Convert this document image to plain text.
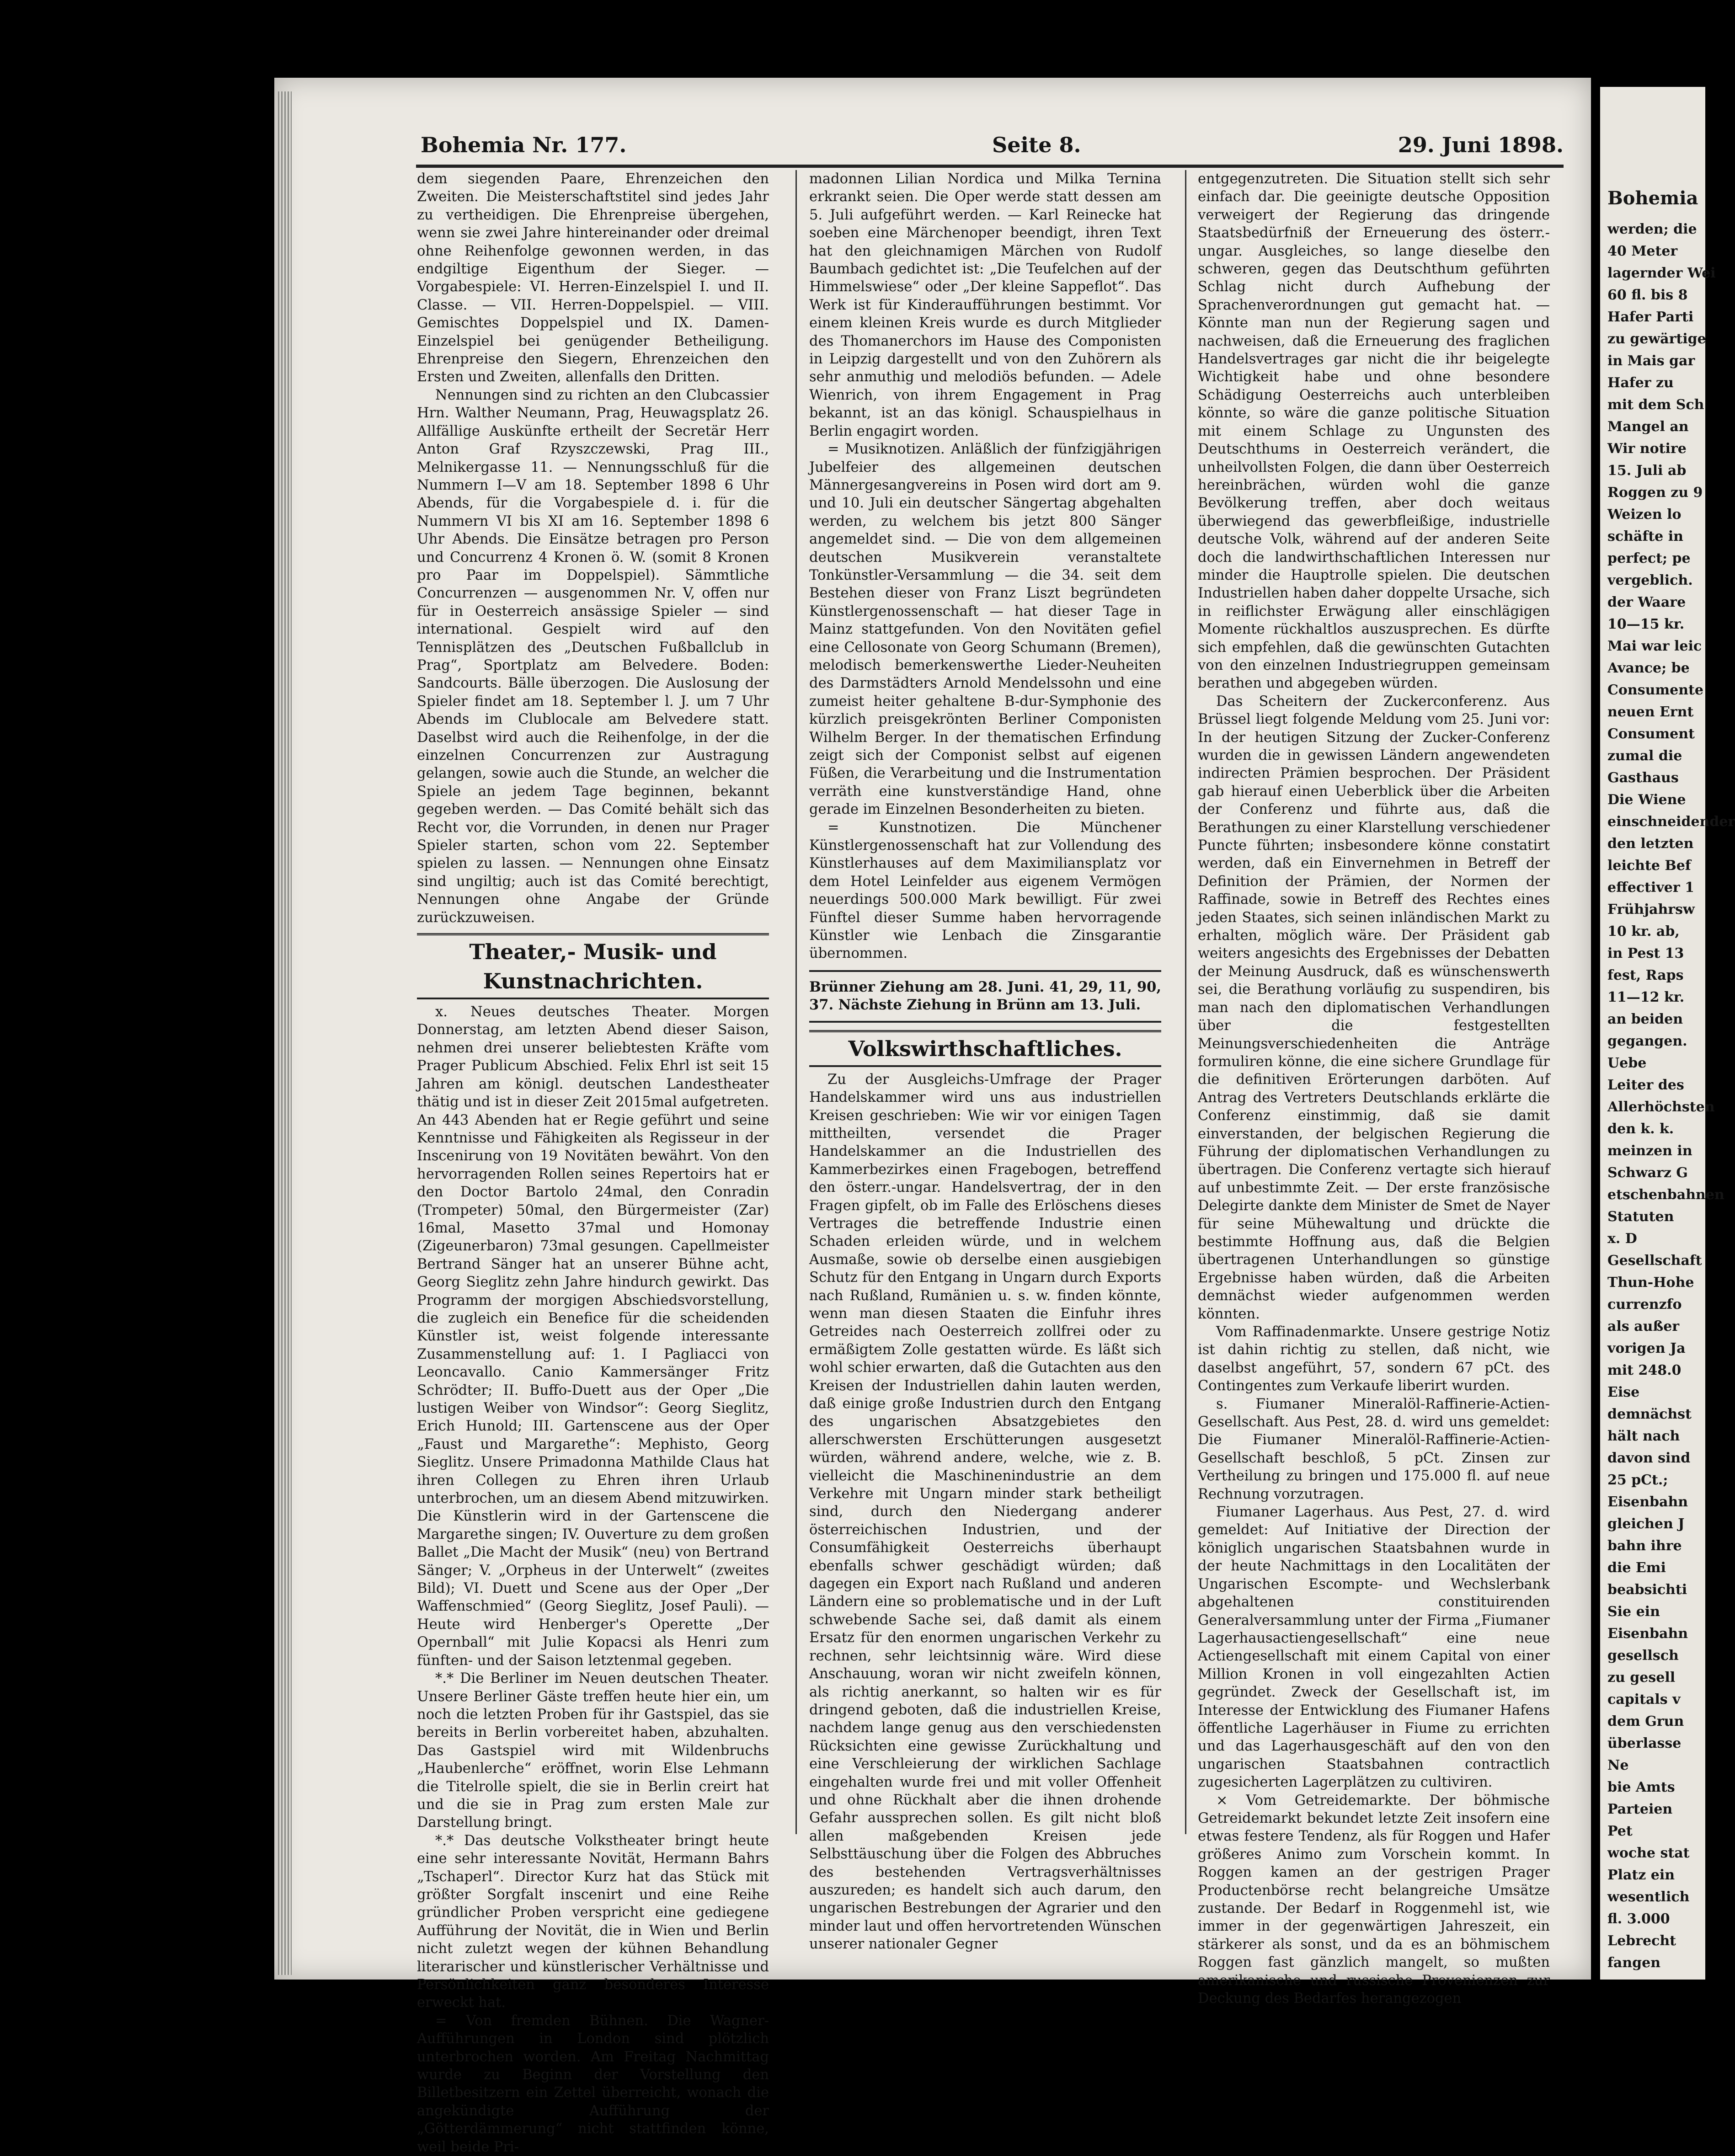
Bohemia
werden; die
40 Meter
lagernder Wei
60 fl. bis 8
Hafer Parti
zu gewärtige
in Mais gar
Hafer zu
mit dem Sch
Mangel an
Wir notire
15. Juli ab
Roggen zu 9
Weizen lo
schäfte in
perfect; pe
vergeblich.
der Waare
10—15 kr.
Mai war leic
Avance; be
Consumente
neuen Ernt
Consument
zumal die
Gasthaus
Die Wiene
einschneidender
den letzten
leichte Bef
effectiver 1
Frühjahrsw
10 kr. ab,
in Pest 13
fest, Raps
11—12 kr.
an beiden
gegangen.
Uebe
Leiter des
Allerhöchsten
den k. k.
meinzen in
Schwarz G
etschenbahnen
Statuten
x. D
Gesellschaft
Thun-Hohe
currenzfo
als außer
vorigen Ja
mit 248.0
Eise
demnächst
hält nach
davon sind
25 pCt.;
Eisenbahn
gleichen J
bahn ihre
die Emi
beabsichti
Sie ein
Eisenbahn
gesellsch
zu gesell
capitals v
dem Grun
überlasse
Ne
bie Amts
Parteien
Pet
woche stat
Platz ein
wesentlich
fl. 3.000
Lebrecht
fangen
Bohemia Nr. 177.	Seite 8.	29. Juni 1898.

dem siegenden Paare, Ehrenzeichen den Zweiten. Die Meisterschaftstitel sind jedes Jahr zu vertheidigen. Die Ehrenpreise übergehen, wenn sie zwei Jahre hintereinander oder dreimal ohne Reihenfolge gewonnen werden, in das endgiltige Eigenthum der Sieger. — Vorgabespiele: VI. Herren-Einzelspiel I. und II. Classe. — VII. Herren-Doppelspiel. — VIII. Gemischtes Doppelspiel und IX. Damen-Einzelspiel bei genügender Betheiligung. Ehrenpreise den Siegern, Ehrenzeichen den Ersten und Zweiten, allenfalls den Dritten.

Nennungen sind zu richten an den Clubcassier Hrn. Walther Neumann, Prag, Heuwagsplatz 26. Allfällige Auskünfte ertheilt der Secretär Herr Anton Graf Rzyszczewski, Prag III., Melnikergasse 11. — Nennungsschluß für die Nummern I—V am 18. September 1898 6 Uhr Abends, für die Vorgabespiele d. i. für die Nummern VI bis XI am 16. September 1898 6 Uhr Abends. Die Einsätze betragen pro Person und Concurrenz 4 Kronen ö. W. (somit 8 Kronen pro Paar im Doppelspiel). Sämmtliche Concurrenzen — ausgenommen Nr. V, offen nur für in Oesterreich ansässige Spieler — sind international. Gespielt wird auf den Tennisplätzen des „Deutschen Fußballclub in Prag“, Sportplatz am Belvedere. Boden: Sandcourts. Bälle überzogen. Die Auslosung der Spieler findet am 18. September l. J. um 7 Uhr Abends im Clublocale am Belvedere statt. Daselbst wird auch die Reihenfolge, in der die einzelnen Concurrenzen zur Austragung gelangen, sowie auch die Stunde, an welcher die Spiele an jedem Tage beginnen, bekannt gegeben werden. — Das Comité behält sich das Recht vor, die Vorrunden, in denen nur Prager Spieler starten, schon vom 22. September spielen zu lassen. — Nennungen ohne Einsatz sind ungiltig; auch ist das Comité berechtigt, Nennungen ohne Angabe der Gründe zurückzuweisen.

Theater,- Musik- und Kunstnachrichten.

x. Neues deutsches Theater. Morgen Donnerstag, am letzten Abend dieser Saison, nehmen drei unserer beliebtesten Kräfte vom Prager Publicum Abschied. Felix Ehrl ist seit 15 Jahren am königl. deutschen Landestheater thätig und ist in dieser Zeit 2015mal aufgetreten. An 443 Abenden hat er Regie geführt und seine Kenntnisse und Fähigkeiten als Regisseur in der Inscenirung von 19 Novitäten bewährt. Von den hervorragenden Rollen seines Repertoirs hat er den Doctor Bartolo 24mal, den Conradin (Trompeter) 50mal, den Bürgermeister (Zar) 16mal, Masetto 37mal und Homonay (Zigeunerbaron) 73mal gesungen. Capellmeister Bertrand Sänger hat an unserer Bühne acht, Georg Sieglitz zehn Jahre hindurch gewirkt. Das Programm der morgigen Abschiedsvorstellung, die zugleich ein Benefice für die scheidenden Künstler ist, weist folgende interessante Zusammenstellung auf: 1. I Pagliacci von Leoncavallo. Canio Kammersänger Fritz Schrödter; II. Buffo-Duett aus der Oper „Die lustigen Weiber von Windsor“: Georg Sieglitz, Erich Hunold; III. Gartenscene aus der Oper „Faust und Margarethe“: Mephisto, Georg Sieglitz. Unsere Primadonna Mathilde Claus hat ihren Collegen zu Ehren ihren Urlaub unterbrochen, um an diesem Abend mitzuwirken. Die Künstlerin wird in der Gartenscene die Margarethe singen; IV. Ouverture zu dem großen Ballet „Die Macht der Musik“ (neu) von Bertrand Sänger; V. „Orpheus in der Unterwelt“ (zweites Bild); VI. Duett und Scene aus der Oper „Der Waffenschmied“ (Georg Sieglitz, Josef Pauli). — Heute wird Henberger's Operette „Der Opernball“ mit Julie Kopacsi als Henri zum fünften- und der Saison letztenmal gegeben.

*.* Die Berliner im Neuen deutschen Theater. Unsere Berliner Gäste treffen heute hier ein, um noch die letzten Proben für ihr Gastspiel, das sie bereits in Berlin vorbereitet haben, abzuhalten. Das Gastspiel wird mit Wildenbruchs „Haubenlerche“ eröffnet, worin Else Lehmann die Titelrolle spielt, die sie in Berlin creirt hat und die sie in Prag zum ersten Male zur Darstellung bringt.

*.* Das deutsche Volkstheater bringt heute eine sehr interessante Novität, Hermann Bahrs „Tschaperl“. Director Kurz hat das Stück mit größter Sorgfalt inscenirt und eine Reihe gründlicher Proben verspricht eine gediegene Aufführung der Novität, die in Wien und Berlin nicht zuletzt wegen der kühnen Behandlung literarischer und künstlerischer Verhältnisse und Persönlichkeiten ganz besonderes Interesse erweckt hat.

= Von fremden Bühnen. Die Wagner-Aufführungen in London sind plötzlich unterbrochen worden. Am Freitag Nachmittag wurde zu Beginn der Vorstellung den Billetbesitzern ein Zettel überreicht, wonach die angekündigte Aufführung der „Götterdämmerung“ nicht stattfinden könne, weil beide Pri-

madonnen Lilian Nordica und Milka Ternina erkrankt seien. Die Oper werde statt dessen am 5. Juli aufgeführt werden. — Karl Reinecke hat soeben eine Märchenoper beendigt, ihren Text hat den gleichnamigen Märchen von Rudolf Baumbach gedichtet ist: „Die Teufelchen auf der Himmelswiese“ oder „Der kleine Sappeflot“. Das Werk ist für Kinderaufführungen bestimmt. Vor einem kleinen Kreis wurde es durch Mitglieder des Thomanerchors im Hause des Componisten in Leipzig dargestellt und von den Zuhörern als sehr anmuthig und melodiös befunden. — Adele Wienrich, von ihrem Engagement in Prag bekannt, ist an das königl. Schauspielhaus in Berlin engagirt worden.

= Musiknotizen. Anläßlich der fünfzigjährigen Jubelfeier des allgemeinen deutschen Männergesangvereins in Posen wird dort am 9. und 10. Juli ein deutscher Sängertag abgehalten werden, zu welchem bis jetzt 800 Sänger angemeldet sind. — Die von dem allgemeinen deutschen Musikverein veranstaltete Tonkünstler-Versammlung — die 34. seit dem Bestehen dieser von Franz Liszt begründeten Künstlergenossenschaft — hat dieser Tage in Mainz stattgefunden. Von den Novitäten gefiel eine Cellosonate von Georg Schumann (Bremen), melodisch bemerkenswerthe Lieder-Neuheiten des Darmstädters Arnold Mendelssohn und eine zumeist heiter gehaltene B-dur-Symphonie des kürzlich preisgekrönten Berliner Componisten Wilhelm Berger. In der thematischen Erfindung zeigt sich der Componist selbst auf eigenen Füßen, die Verarbeitung und die Instrumentation verräth eine kunstverständige Hand, ohne gerade im Einzelnen Besonderheiten zu bieten.

= Kunstnotizen. Die Münchener Künstlergenossenschaft hat zur Vollendung des Künstlerhauses auf dem Maximiliansplatz vor dem Hotel Leinfelder aus eigenem Vermögen neuerdings 500.000 Mark bewilligt. Für zwei Fünftel dieser Summe haben hervorragende Künstler wie Lenbach die Zinsgarantie übernommen.

Brünner Ziehung am 28. Juni. 41, 29, 11, 90, 37. Nächste Ziehung in Brünn am 13. Juli.
Volkswirthschaftliches.

Zu der Ausgleichs-Umfrage der Prager Handelskammer wird uns aus industriellen Kreisen geschrieben: Wie wir vor einigen Tagen mittheilten, versendet die Prager Handelskammer an die Industriellen des Kammerbezirkes einen Fragebogen, betreffend den österr.-ungar. Handelsvertrag, der in den Fragen gipfelt, ob im Falle des Erlöschens dieses Vertrages die betreffende Industrie einen Schaden erleiden würde, und in welchem Ausmaße, sowie ob derselbe einen ausgiebigen Schutz für den Entgang in Ungarn durch Exports nach Rußland, Rumänien u. s. w. finden könnte, wenn man diesen Staaten die Einfuhr ihres Getreides nach Oesterreich zollfrei oder zu ermäßigtem Zolle gestatten würde. Es läßt sich wohl schier erwarten, daß die Gutachten aus den Kreisen der Industriellen dahin lauten werden, daß einige große Industrien durch den Entgang des ungarischen Absatzgebietes den allerschwersten Erschütterungen ausgesetzt würden, während andere, welche, wie z. B. vielleicht die Maschinenindustrie an dem Verkehre mit Ungarn minder stark betheiligt sind, durch den Niedergang anderer österreichischen Industrien, und der Consumfähigkeit Oesterreichs überhaupt ebenfalls schwer geschädigt würden; daß dagegen ein Export nach Rußland und anderen Ländern eine so problematische und in der Luft schwebende Sache sei, daß damit als einem Ersatz für den enormen ungarischen Verkehr zu rechnen, sehr leichtsinnig wäre. Wird diese Anschauung, woran wir nicht zweifeln können, als richtig anerkannt, so halten wir es für dringend geboten, daß die industriellen Kreise, nachdem lange genug aus den verschiedensten Rücksichten eine gewisse Zurückhaltung und eine Verschleierung der wirklichen Sachlage eingehalten wurde frei und mit voller Offenheit und ohne Rückhalt aber die ihnen drohende Gefahr aussprechen sollen. Es gilt nicht bloß allen maßgebenden Kreisen jede Selbsttäuschung über die Folgen des Abbruches des bestehenden Vertragsverhältnisses auszureden; es handelt sich auch darum, den ungarischen Bestrebungen der Agrarier und den minder laut und offen hervortretenden Wünschen unserer nationaler Gegner

entgegenzutreten. Die Situation stellt sich sehr einfach dar. Die geeinigte deutsche Opposition verweigert der Regierung das dringende Staatsbedürfniß der Erneuerung des österr.-ungar. Ausgleiches, so lange dieselbe den schweren, gegen das Deutschthum geführten Schlag nicht durch Aufhebung der Sprachenverordnungen gut gemacht hat. — Könnte man nun der Regierung sagen und nachweisen, daß die Erneuerung des fraglichen Handelsvertrages gar nicht die ihr beigelegte Wichtigkeit habe und ohne besondere Schädigung Oesterreichs auch unterbleiben könnte, so wäre die ganze politische Situation mit einem Schlage zu Ungunsten des Deutschthums in Oesterreich verändert, die unheilvollsten Folgen, die dann über Oesterreich hereinbrächen, würden wohl die ganze Bevölkerung treffen, aber doch weitaus überwiegend das gewerbfleißige, industrielle deutsche Volk, während auf der anderen Seite doch die landwirthschaftlichen Interessen nur minder die Hauptrolle spielen. Die deutschen Industriellen haben daher doppelte Ursache, sich in reiflichster Erwägung aller einschlägigen Momente rückhaltlos auszusprechen. Es dürfte sich empfehlen, daß die gewünschten Gutachten von den einzelnen Industriegruppen gemeinsam berathen und abgegeben würden.

Das Scheitern der Zuckerconferenz. Aus Brüssel liegt folgende Meldung vom 25. Juni vor: In der heutigen Sitzung der Zucker-Conferenz wurden die in gewissen Ländern angewendeten indirecten Prämien besprochen. Der Präsident gab hierauf einen Ueberblick über die Arbeiten der Conferenz und führte aus, daß die Berathungen zu einer Klarstellung verschiedener Puncte führten; insbesondere könne constatirt werden, daß ein Einvernehmen in Betreff der Definition der Prämien, der Normen der Raffinade, sowie in Betreff des Rechtes eines jeden Staates, sich seinen inländischen Markt zu erhalten, möglich wäre. Der Präsident gab weiters angesichts des Ergebnisses der Debatten der Meinung Ausdruck, daß es wünschenswerth sei, die Berathung vorläufig zu suspendiren, bis man nach den diplomatischen Verhandlungen über die festgestellten Meinungsverschiedenheiten die Anträge formuliren könne, die eine sichere Grundlage für die definitiven Erörterungen darböten. Auf Antrag des Vertreters Deutschlands erklärte die Conferenz einstimmig, daß sie damit einverstanden, der belgischen Regierung die Führung der diplomatischen Verhandlungen zu übertragen. Die Conferenz vertagte sich hierauf auf unbestimmte Zeit. — Der erste französische Delegirte dankte dem Minister de Smet de Nayer für seine Mühewaltung und drückte die bestimmte Hoffnung aus, daß die Belgien übertragenen Unterhandlungen so günstige Ergebnisse haben würden, daß die Arbeiten demnächst wieder aufgenommen werden könnten.

Vom Raffinadenmarkte. Unsere gestrige Notiz ist dahin richtig zu stellen, daß nicht, wie daselbst angeführt, 57, sondern 67 pCt. des Contingentes zum Verkaufe liberirt wurden.

s. Fiumaner Mineralöl-Raffinerie-Actien-Gesellschaft. Aus Pest, 28. d. wird uns gemeldet: Die Fiumaner Mineralöl-Raffinerie-Actien-Gesellschaft beschloß, 5 pCt. Zinsen zur Vertheilung zu bringen und 175.000 fl. auf neue Rechnung vorzutragen.

Fiumaner Lagerhaus. Aus Pest, 27. d. wird gemeldet: Auf Initiative der Direction der königlich ungarischen Staatsbahnen wurde in der heute Nachmittags in den Localitäten der Ungarischen Escompte- und Wechslerbank abgehaltenen constituirenden Generalversammlung unter der Firma „Fiumaner Lagerhausactiengesellschaft“ eine neue Actiengesellschaft mit einem Capital von einer Million Kronen in voll eingezahlten Actien gegründet. Zweck der Gesellschaft ist, im Interesse der Entwicklung des Fiumaner Hafens öffentliche Lagerhäuser in Fiume zu errichten und das Lagerhausgeschäft auf den von den ungarischen Staatsbahnen contractlich zugesicherten Lagerplätzen zu cultiviren.

× Vom Getreidemarkte. Der böhmische Getreidemarkt bekundet letzte Zeit insofern eine etwas festere Tendenz, als für Roggen und Hafer größeres Animo zum Vorschein kommt. In Roggen kamen an der gestrigen Prager Productenbörse recht belangreiche Umsätze zustande. Der Bedarf in Roggenmehl ist, wie immer in der gegenwärtigen Jahreszeit, ein stärkerer als sonst, und da es an böhmischem Roggen fast gänzlich mangelt, so mußten amerikanische und russische Provenienzen zur Deckung des Bedarfes herangezogen
